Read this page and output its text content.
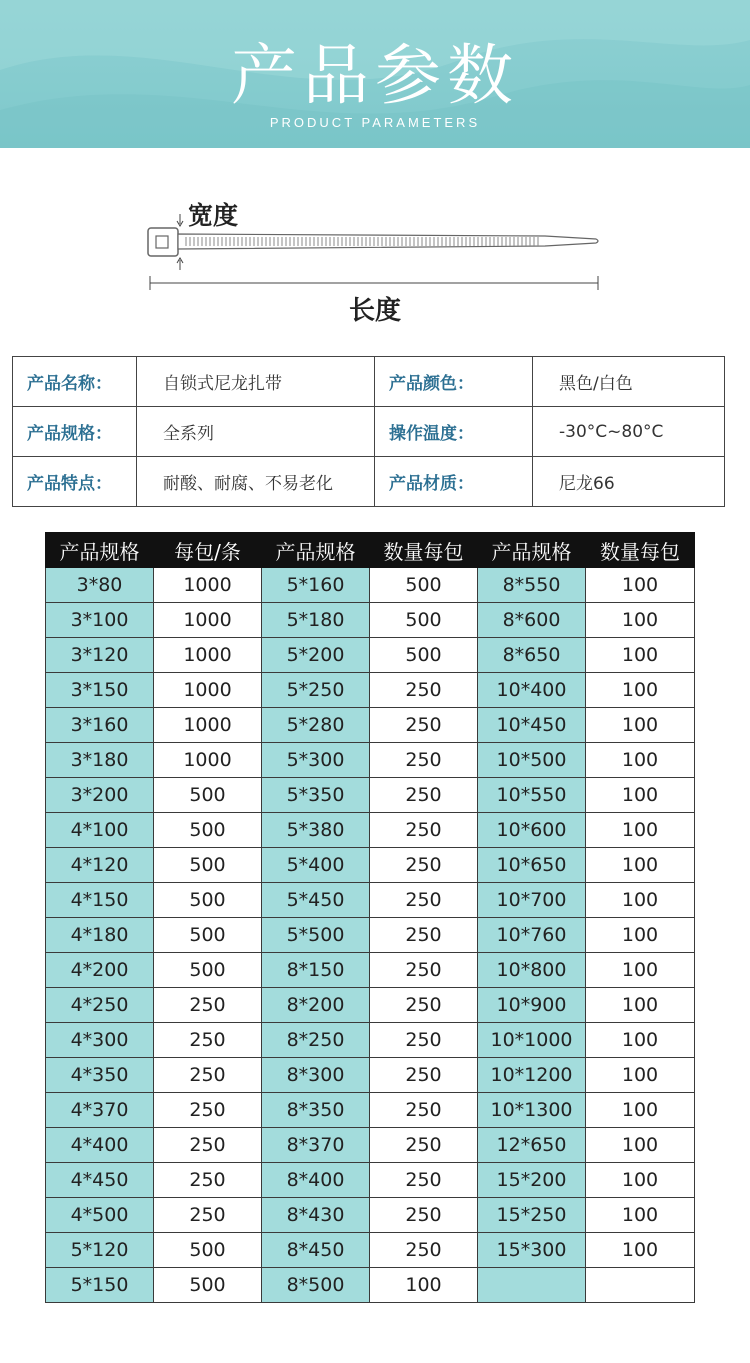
产品参数
PRODUCT PARAMETERS
宽度
长度
产品名称：	自锁式尼龙扎带	产品颜色：	黑色/白色
产品规格：	全系列	操作温度：	-30°C~80°C
产品特点：	耐酸、耐腐、不易老化	产品材质：	尼龙66
产品规格	每包/条	产品规格	数量每包	产品规格	数量每包
3*80	1000	5*160	500	8*550	100
3*100	1000	5*180	500	8*600	100
3*120	1000	5*200	500	8*650	100
3*150	1000	5*250	250	10*400	100
3*160	1000	5*280	250	10*450	100
3*180	1000	5*300	250	10*500	100
3*200	500	5*350	250	10*550	100
4*100	500	5*380	250	10*600	100
4*120	500	5*400	250	10*650	100
4*150	500	5*450	250	10*700	100
4*180	500	5*500	250	10*760	100
4*200	500	8*150	250	10*800	100
4*250	250	8*200	250	10*900	100
4*300	250	8*250	250	10*1000	100
4*350	250	8*300	250	10*1200	100
4*370	250	8*350	250	10*1300	100
4*400	250	8*370	250	12*650	100
4*450	250	8*400	250	15*200	100
4*500	250	8*430	250	15*250	100
5*120	500	8*450	250	15*300	100
5*150	500	8*500	100		
